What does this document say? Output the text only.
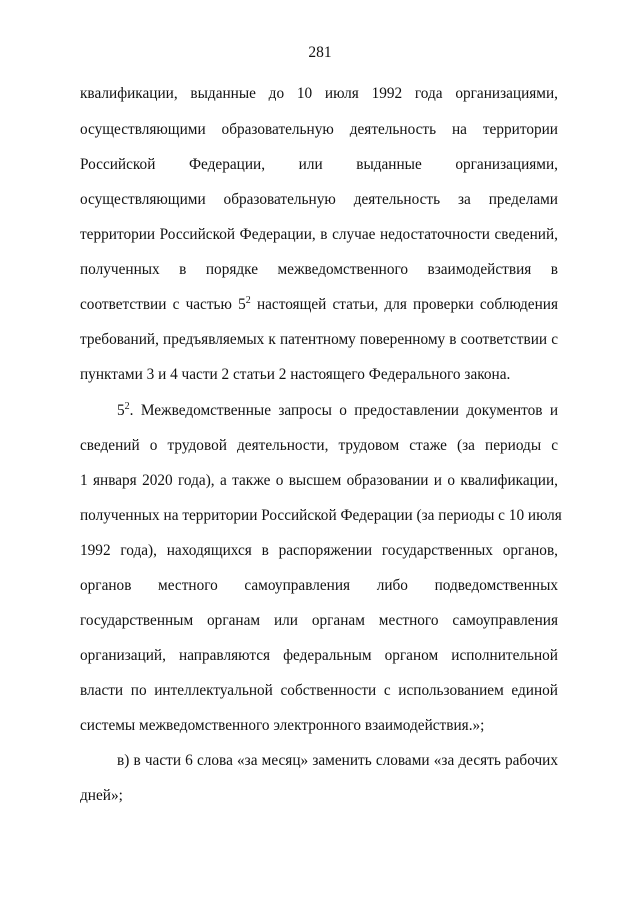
281
квалификации, выданные до 10 июля 1992 года организациями,
осуществляющими образовательную деятельность на территории
Российской Федерации, или выданные организациями,
осуществляющими образовательную деятельность за пределами
территории Российской Федерации, в случае недостаточности сведений,
полученных в порядке межведомственного взаимодействия в
соответствии с частью $5^2$ настоящей статьи, для проверки соблюдения
требований, предъявляемых к патентному поверенному в соответствии с
пунктами 3 и 4 части 2 статьи 2 настоящего Федерального закона.
$5^2$. Межведомственные запросы о предоставлении документов и
сведений о трудовой деятельности, трудовом стаже (за периоды с
1 января 2020 года), а также о высшем образовании и о квалификации,
полученных на территории Российской Федерации (за периоды с 10 июля
1992 года), находящихся в распоряжении государственных органов,
органов местного самоуправления либо подведомственных
государственным органам или органам местного самоуправления
организаций, направляются федеральным органом исполнительной
власти по интеллектуальной собственности с использованием единой
системы межведомственного электронного взаимодействия.»;
в) в части 6 слова «за месяц» заменить словами «за десять рабочих
дней»;
